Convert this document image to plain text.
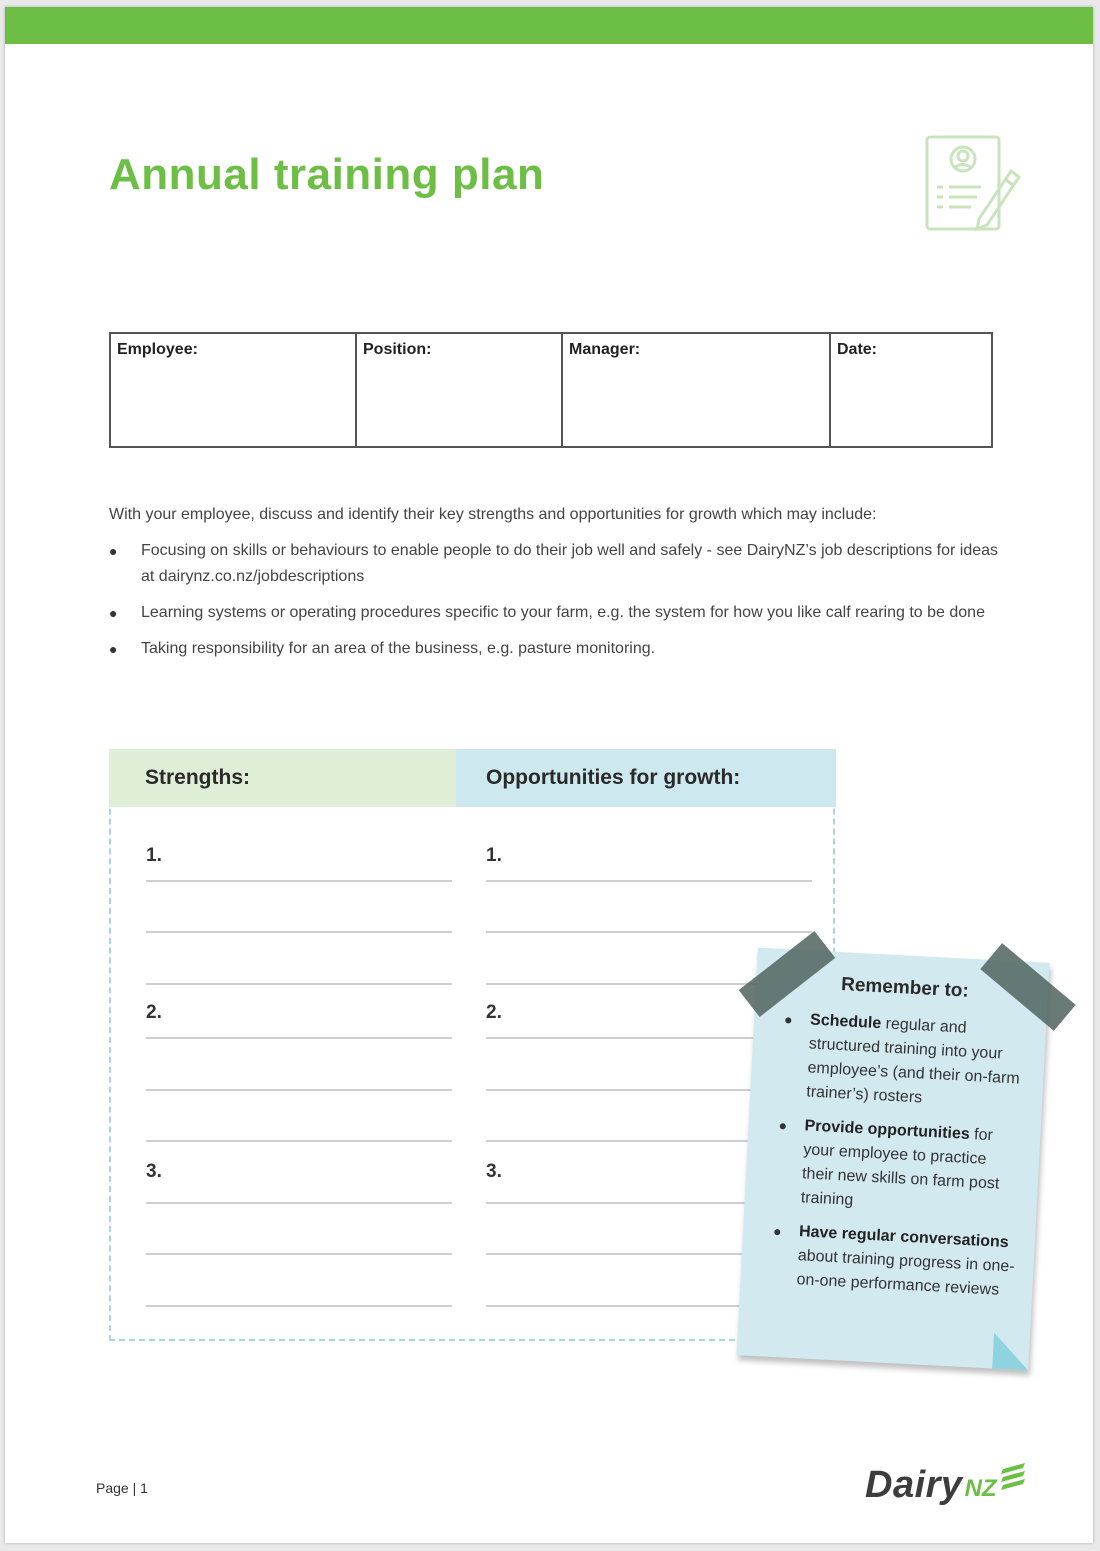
Annual training plan
Employee:	Position:	Manager:	Date:
With your employee, discuss and identify their key strengths and opportunities for growth which may include:
● Focusing on skills or behaviours to enable people to do their job well and safely - see DairyNZ’s job descriptions for ideas at dairynz.co.nz/jobdescriptions
● Learning systems or operating procedures specific to your farm, e.g. the system for how you like calf rearing to be done
● Taking responsibility for an area of the business, e.g. pasture monitoring.
Strengths:	Opportunities for growth:
1.
2.
3.
1.
2.
3.
Remember to:
● Schedule regular and structured training into your employee’s (and their on-farm trainer’s) rosters
● Provide opportunities for your employee to practice their new skills on farm post training
● Have regular conversations about training progress in one-on-one performance reviews
Page | 1	Dairy NZ
